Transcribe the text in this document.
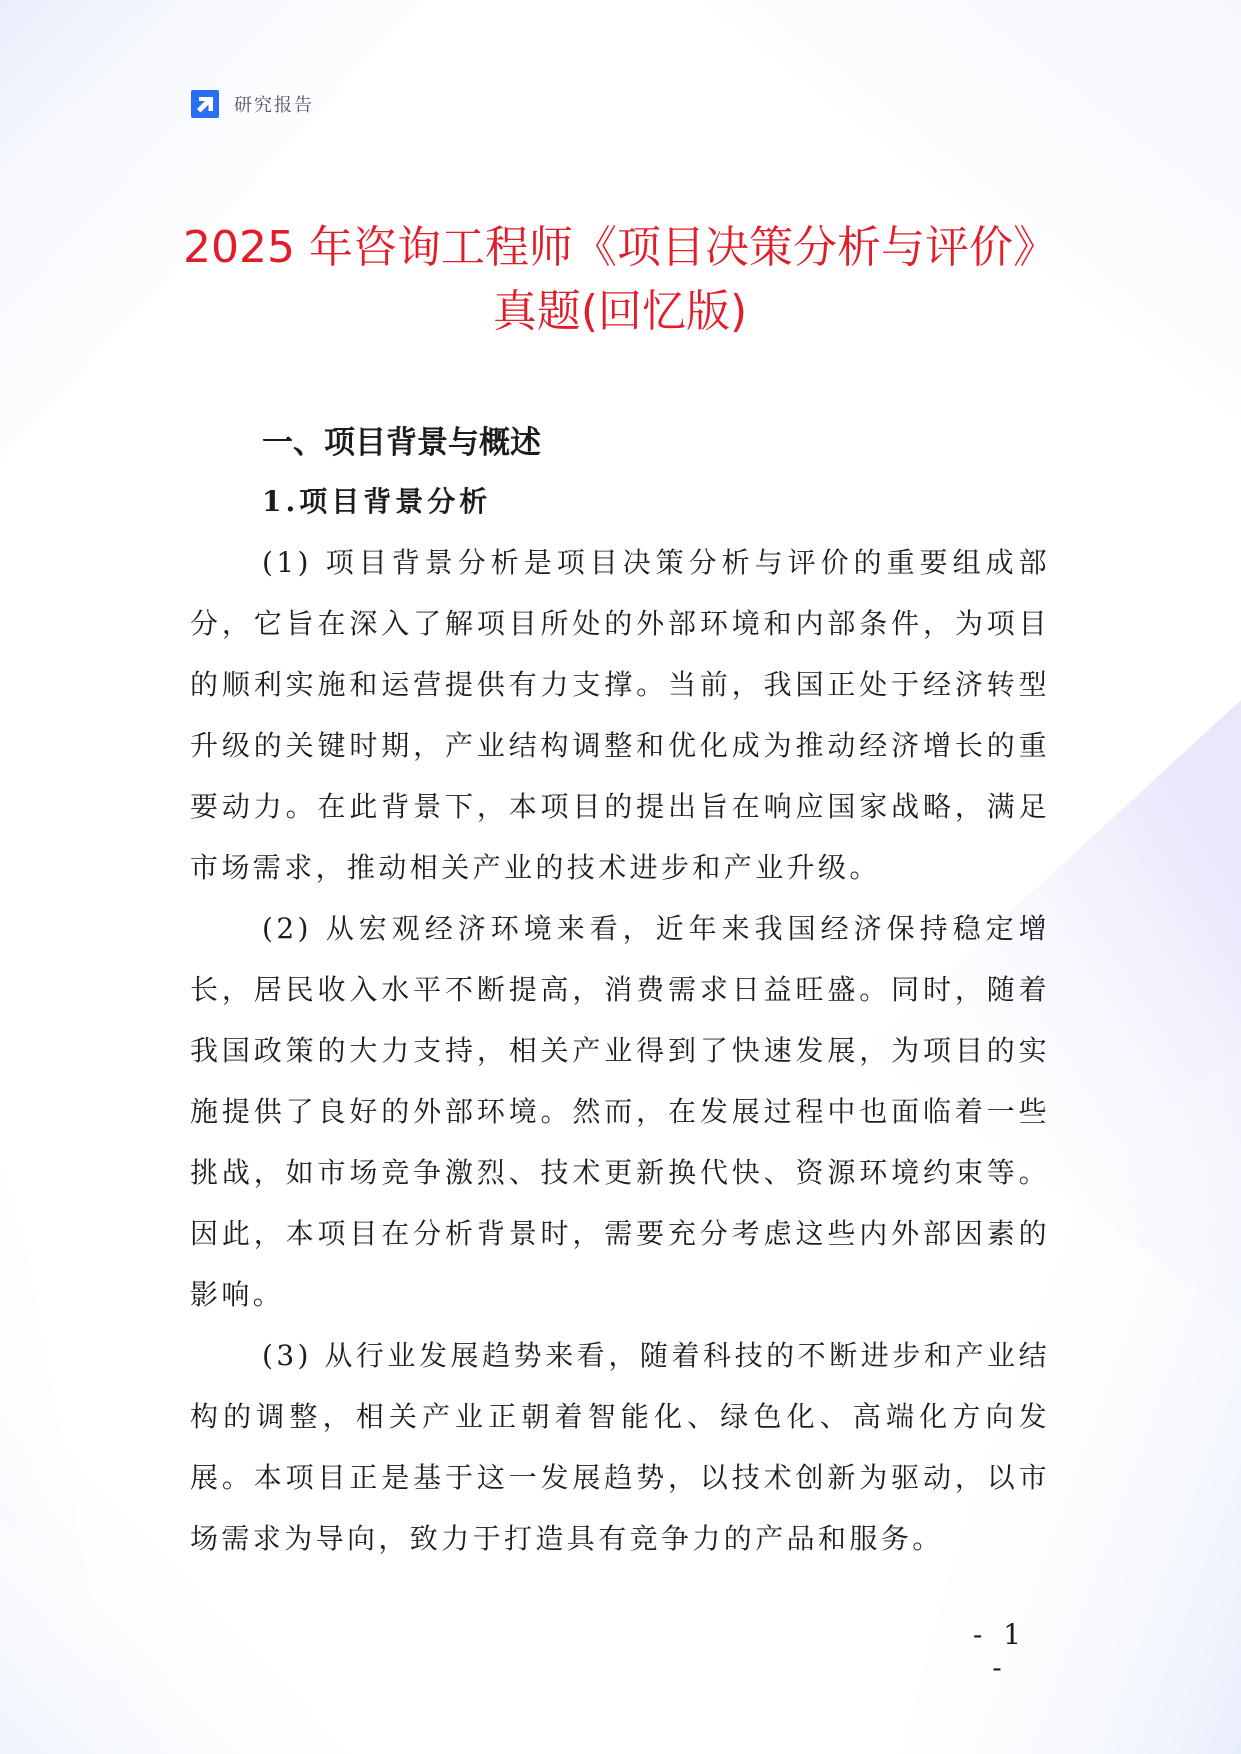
研究报告
2025 年咨询工程师《项目决策分析与评价》
真题(回忆版)
一、项目背景与概述
1.项目背景分析

(1) 项目背景分析是项目决策分析与评价的重要组成部分，它旨在深入了解项目所处的外部环境和内部条件，为项目的顺利实施和运营提供有力支撑。当前，我国正处于经济转型升级的关键时期，产业结构调整和优化成为推动经济增长的重要动力。在此背景下，本项目的提出旨在响应国家战略，满足市场需求，推动相关产业的技术进步和产业升级。

(2) 从宏观经济环境来看，近年来我国经济保持稳定增长，居民收入水平不断提高，消费需求日益旺盛。同时，随着我国政策的大力支持，相关产业得到了快速发展，为项目的实施提供了良好的外部环境。然而，在发展过程中也面临着一些挑战，如市场竞争激烈、技术更新换代快、资源环境约束等。因此，本项目在分析背景时，需要充分考虑这些内外部因素的影响。

(3) 从行业发展趋势来看，随着科技的不断进步和产业结构的调整，相关产业正朝着智能化、绿色化、高端化方向发展。本项目正是基于这一发展趋势，以技术创新为驱动，以市场需求为导向，致力于打造具有竞争力的产品和服务。

- 1 -
